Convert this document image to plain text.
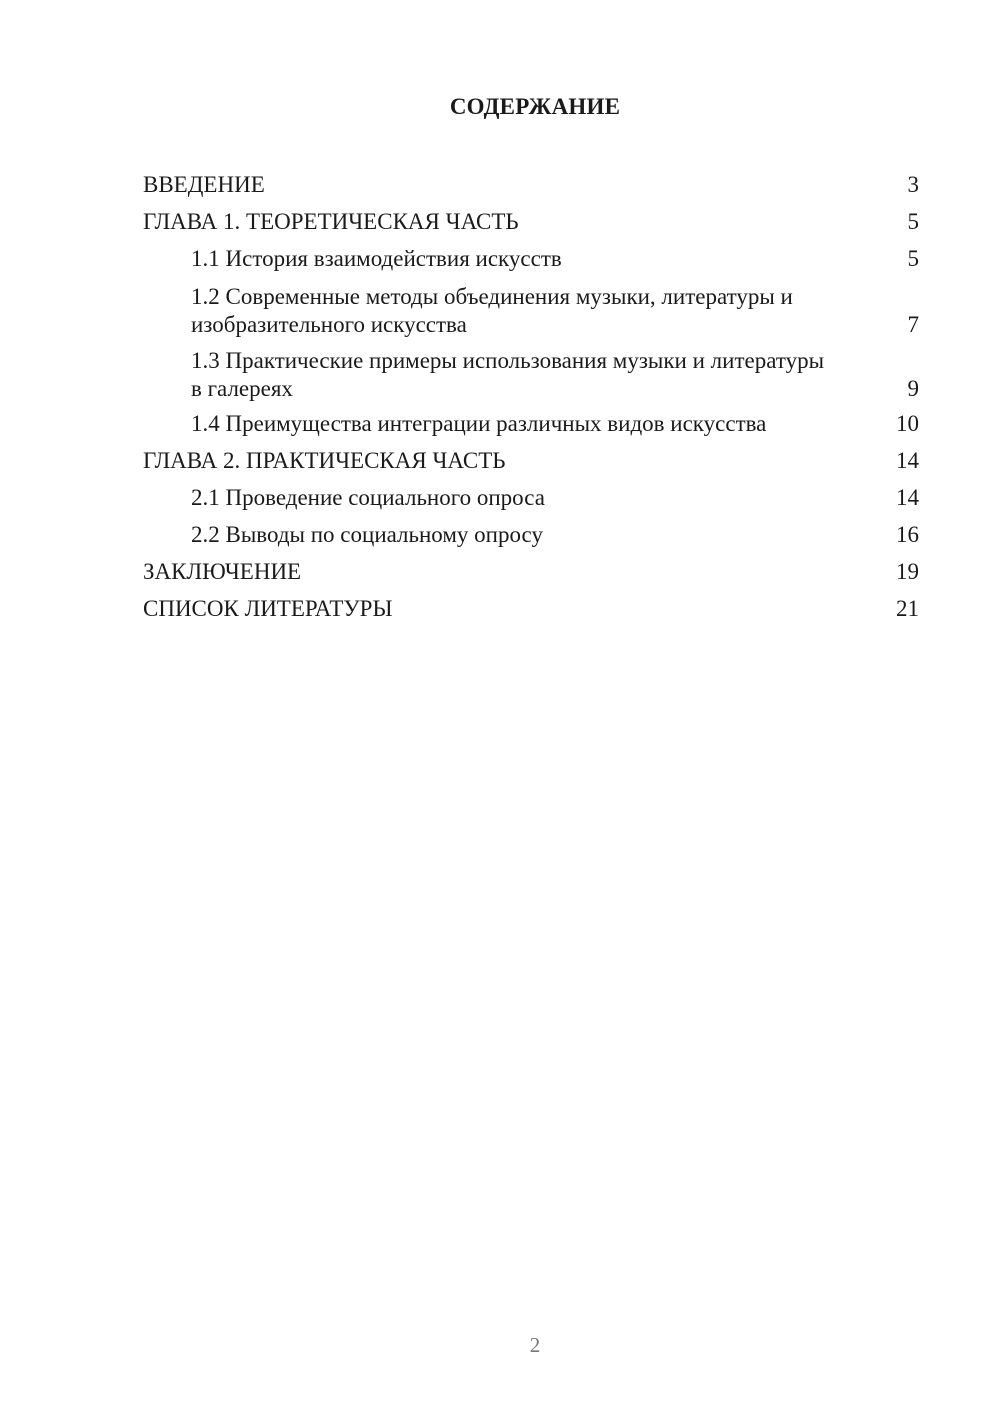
СОДЕРЖАНИЕ
ВВЕДЕНИЕ	3
ГЛАВА 1. ТЕОРЕТИЧЕСКАЯ ЧАСТЬ	5
1.1 История взаимодействия искусств	5
1.2 Современные методы объединения музыки, литературы и изобразительного искусства	7
1.3 Практические примеры использования музыки и литературы в галереях	9
1.4 Преимущества интеграции различных видов искусства	10
ГЛАВА 2. ПРАКТИЧЕСКАЯ ЧАСТЬ	14
2.1 Проведение социального опроса	14
2.2 Выводы по социальному опросу	16
ЗАКЛЮЧЕНИЕ	19
СПИСОК ЛИТЕРАТУРЫ	21
2
